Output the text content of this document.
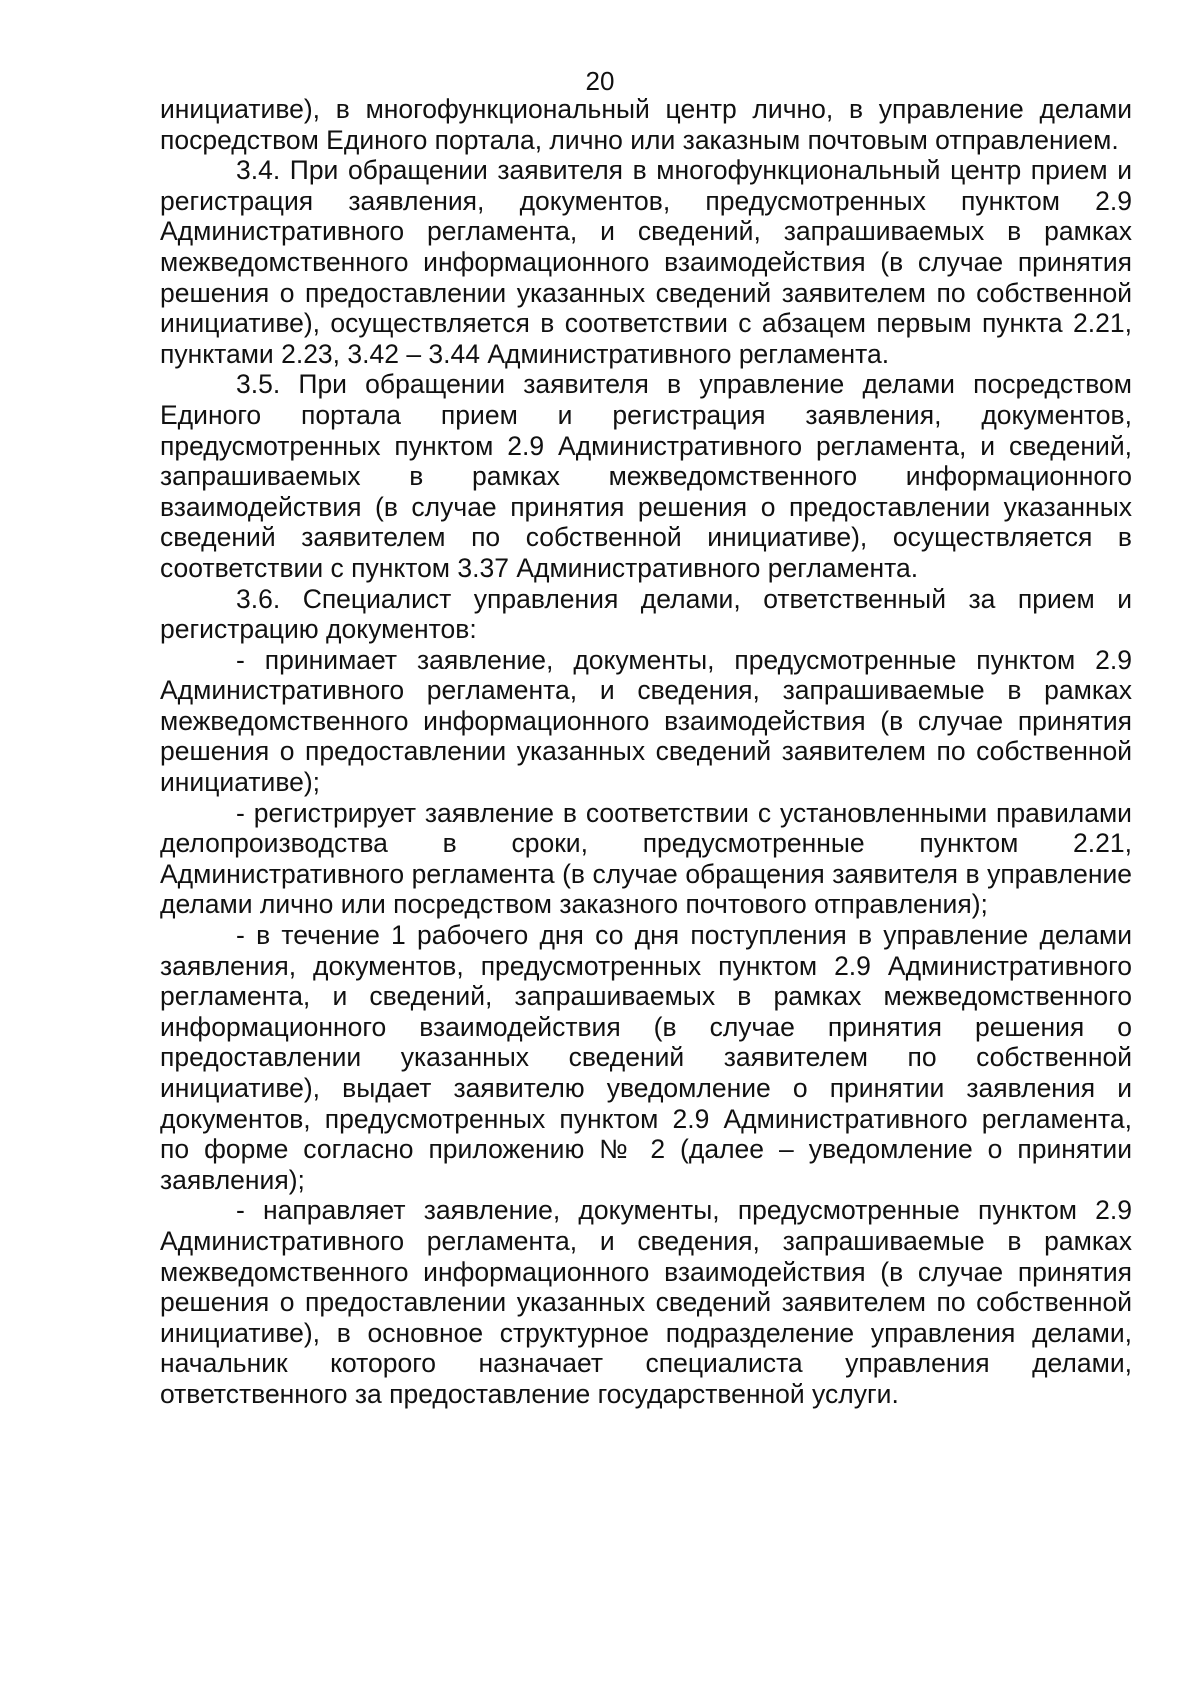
20

инициативе), в многофункциональный центр лично, в управление делами посредством Единого портала, лично или заказным почтовым отправлением.

3.4. При обращении заявителя в многофункциональный центр прием и регистрация заявления, документов, предусмотренных пунктом 2.9 Административного регламента, и сведений, запрашиваемых в рамках межведомственного информационного взаимодействия (в случае принятия решения о предоставлении указанных сведений заявителем по собственной инициативе), осуществляется в соответствии с абзацем первым пункта 2.21, пунктами 2.23, 3.42 – 3.44 Административного регламента.

3.5. При обращении заявителя в управление делами посредством Единого портала прием и регистрация заявления, документов, предусмотренных пунктом 2.9 Административного регламента, и сведений, запрашиваемых в рамках межведомственного информационного взаимодействия (в случае принятия решения о предоставлении указанных сведений заявителем по собственной инициативе), осуществляется в соответствии с пунктом 3.37 Административного регламента.

3.6. Специалист управления делами, ответственный за прием и регистрацию документов:

- принимает заявление, документы, предусмотренные пунктом 2.9 Административного регламента, и сведения, запрашиваемые в рамках межведомственного информационного взаимодействия (в случае принятия решения о предоставлении указанных сведений заявителем по собственной инициативе);

- регистрирует заявление в соответствии с установленными правилами делопроизводства в сроки, предусмотренные пунктом 2.21, Административного регламента (в случае обращения заявителя в управление делами лично или посредством заказного почтового отправления);

- в течение 1 рабочего дня со дня поступления в управление делами заявления, документов, предусмотренных пунктом 2.9 Административного регламента, и сведений, запрашиваемых в рамках межведомственного информационного взаимодействия (в случае принятия решения о предоставлении указанных сведений заявителем по собственной инициативе), выдает заявителю уведомление о принятии заявления и документов, предусмотренных пунктом 2.9 Административного регламента, по форме согласно приложению № 2 (далее – уведомление о принятии заявления);

- направляет заявление, документы, предусмотренные пунктом 2.9 Административного регламента, и сведения, запрашиваемые в рамках межведомственного информационного взаимодействия (в случае принятия решения о предоставлении указанных сведений заявителем по собственной инициативе), в основное структурное подразделение управления делами, начальник которого назначает специалиста управления делами, ответственного за предоставление государственной услуги.
